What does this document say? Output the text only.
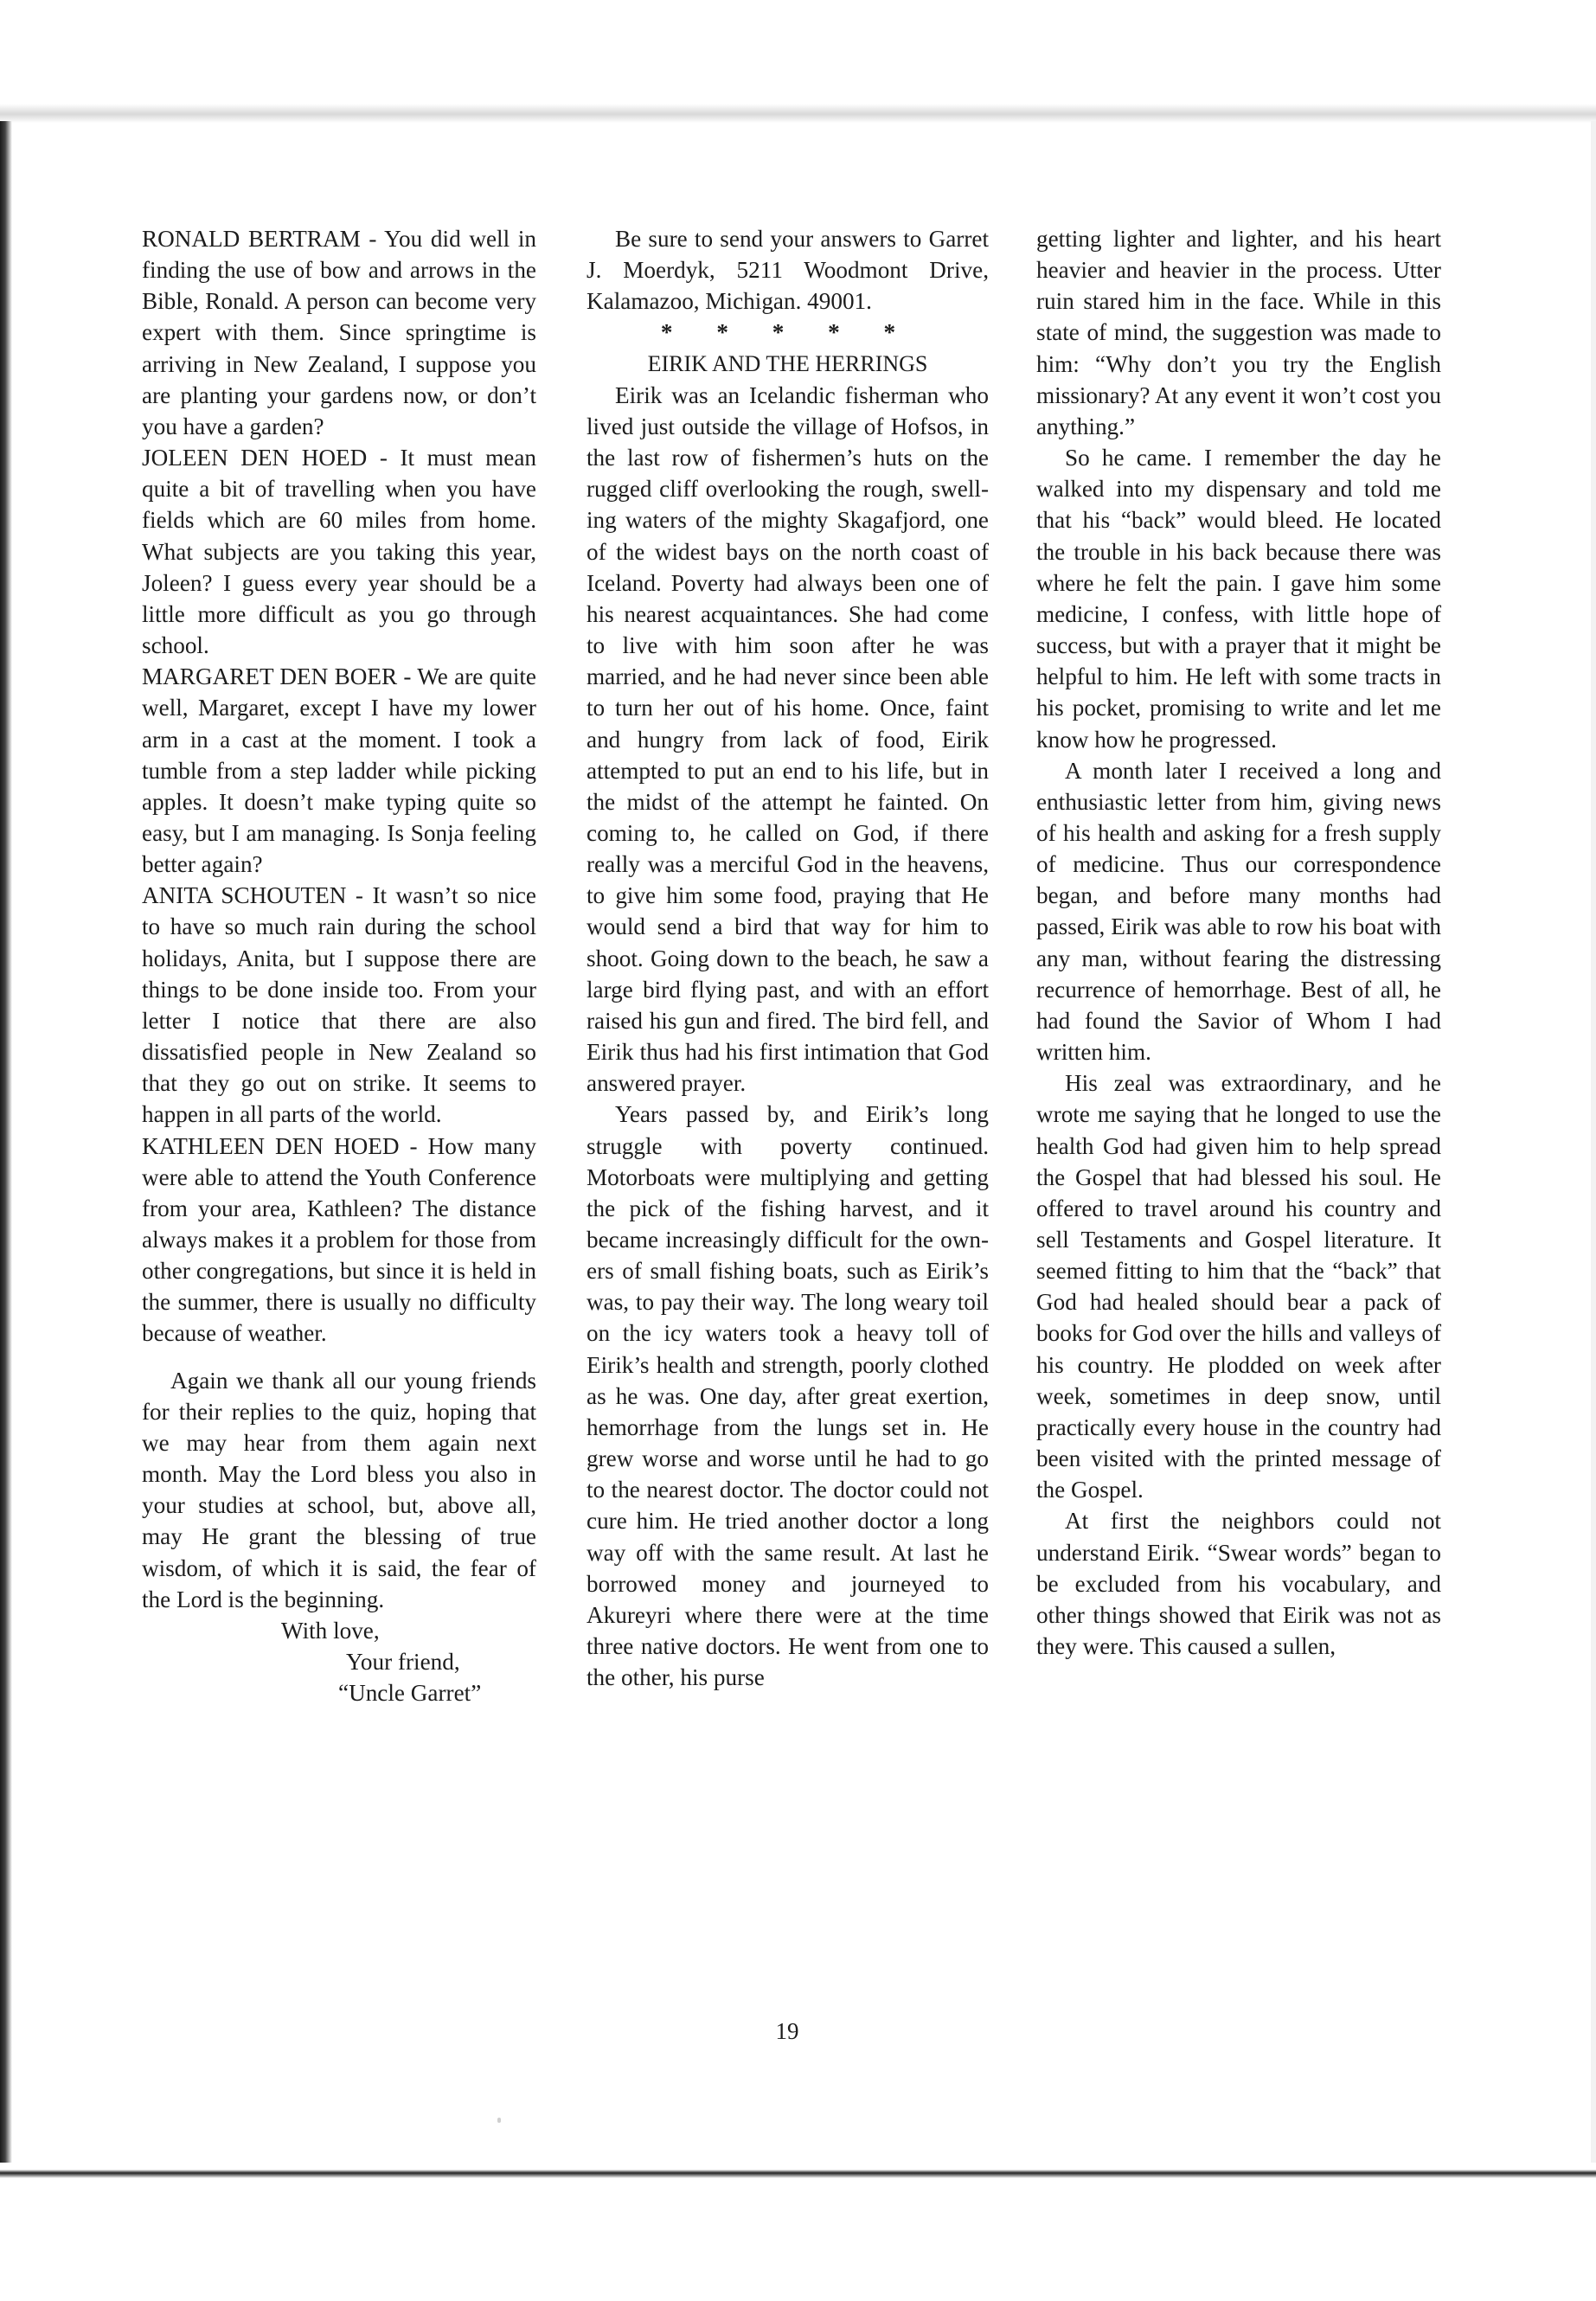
RONALD BERTRAM - You did well in finding the use of bow and arrows in the Bible, Ronald. A person can become very expert with them. Since springtime is arriving in New Zealand, I suppose you are planting your gardens now, or don’t you have a garden?

JOLEEN DEN HOED - It must mean quite a bit of travelling when you have fields which are 60 miles from home. What subjects are you taking this year, Joleen? I guess every year should be a little more difficult as you go through school.

MARGARET DEN BOER - We are quite well, Margaret, except I have my lower arm in a cast at the moment. I took a tumble from a step ladder while picking apples. It doesn’t make typing quite so easy, but I am managing. Is Sonja feeling better again?

ANITA SCHOUTEN - It wasn’t so nice to have so much rain during the school holidays, Anita, but I suppose there are things to be done inside too. From your letter I notice that there are also dissatisfied people in New Zealand so that they go out on strike. It seems to happen in all parts of the world.

KATHLEEN DEN HOED - How many were able to attend the Youth Conference from your area, Kathleen? The distance always makes it a problem for those from other congregations, but since it is held in the summer, there is usually no difficulty because of weather.

Again we thank all our young friends for their replies to the quiz, hoping that we may hear from them again next month. May the Lord bless you also in your studies at school, but, above all, may He grant the blessing of true wisdom, of which it is said, the fear of the Lord is the beginning.

With love,

Your friend,

“Uncle Garret”

Be sure to send your answers to Garret J. Moerdyk, 5211 Woodmont Drive, Kalamazoo, Michigan. 49001.

* * * * *

EIRIK AND THE HERRINGS

Eirik was an Icelandic fisherman who lived just outside the village of Hofsos, in the last row of fishermen’s huts on the rugged cliff overlooking the rough, swelling waters of the mighty Skagafjord, one of the widest bays on the north coast of Iceland. Poverty had always been one of his nearest acquaintances. She had come to live with him soon after he was married, and he had never since been able to turn her out of his home. Once, faint and hungry from lack of food, Eirik attempted to put an end to his life, but in the midst of the attempt he fainted. On coming to, he called on God, if there really was a merciful God in the heavens, to give him some food, praying that He would send a bird that way for him to shoot. Going down to the beach, he saw a large bird flying past, and with an effort raised his gun and fired. The bird fell, and Eirik thus had his first intimation that God answered prayer.

Years passed by, and Eirik’s long struggle with poverty continued. Motorboats were multiplying and getting the pick of the fishing harvest, and it became increasingly difficult for the owners of small fishing boats, such as Eirik’s was, to pay their way. The long weary toil on the icy waters took a heavy toll of Eirik’s health and strength, poorly clothed as he was. One day, after great exertion, hemorrhage from the lungs set in. He grew worse and worse until he had to go to the nearest doctor. The doctor could not cure him. He tried another doctor a long way off with the same result. At last he borrowed money and journeyed to Akureyri where there were at the time three native doctors. He went from one to the other, his purse

getting lighter and lighter, and his heart heavier and heavier in the process. Utter ruin stared him in the face. While in this state of mind, the suggestion was made to him: “Why don’t you try the English missionary? At any event it won’t cost you anything.”

So he came. I remember the day he walked into my dispensary and told me that his “back” would bleed. He located the trouble in his back because there was where he felt the pain. I gave him some medicine, I confess, with little hope of success, but with a prayer that it might be helpful to him. He left with some tracts in his pocket, promising to write and let me know how he progressed.

A month later I received a long and enthusiastic letter from him, giving news of his health and asking for a fresh supply of medicine. Thus our correspondence began, and before many months had passed, Eirik was able to row his boat with any man, without fearing the distressing recurrence of hemorrhage. Best of all, he had found the Savior of Whom I had written him.

His zeal was extraordinary, and he wrote me saying that he longed to use the health God had given him to help spread the Gospel that had blessed his soul. He offered to travel around his country and sell Testaments and Gospel literature. It seemed fitting to him that the “back” that God had healed should bear a pack of books for God over the hills and valleys of his country. He plodded on week after week, sometimes in deep snow, until practically every house in the country had been visited with the printed message of the Gospel.

At first the neighbors could not understand Eirik. “Swear words” began to be excluded from his vocabulary, and other things showed that Eirik was not as they were. This caused a sullen,

19
